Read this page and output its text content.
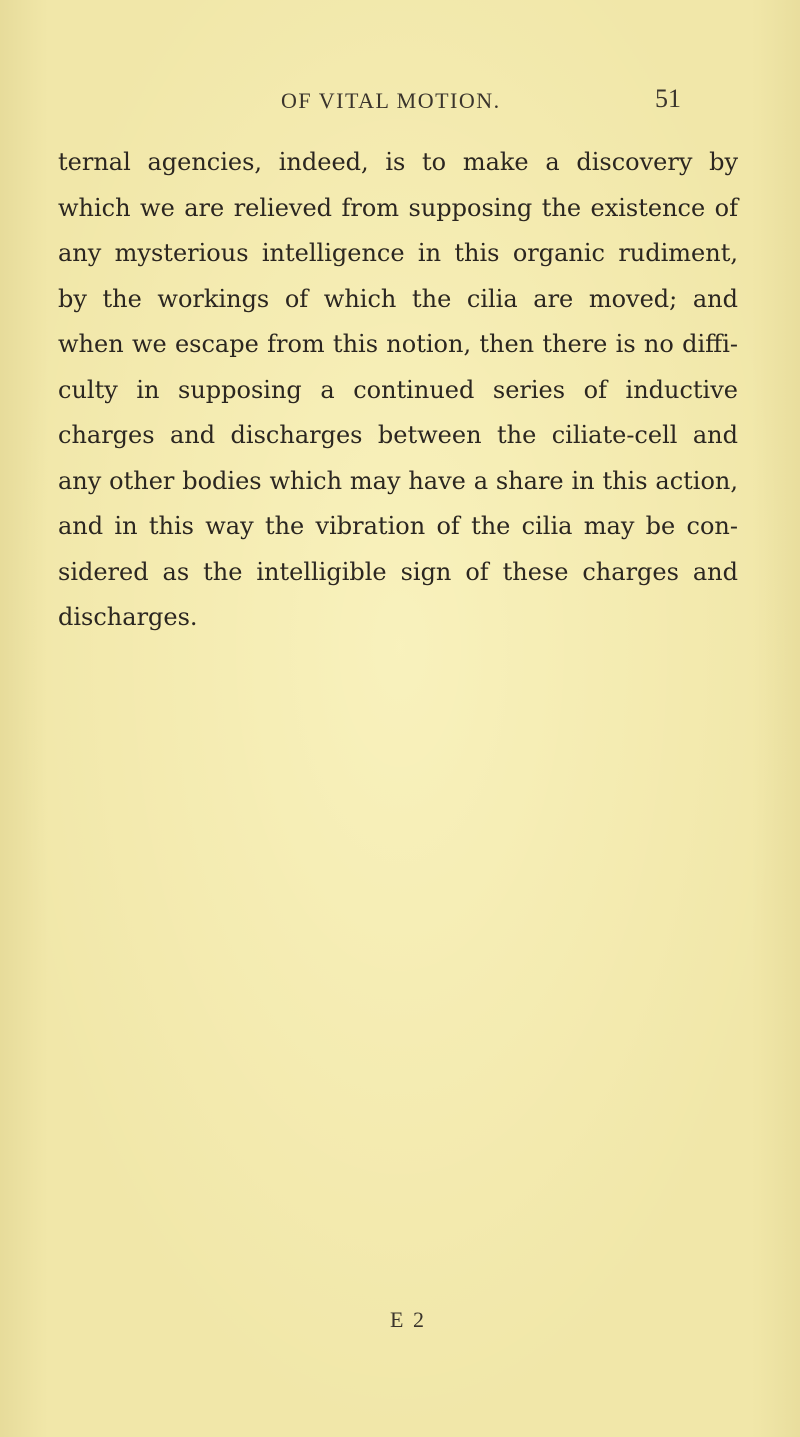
OF VITAL MOTION.	51
ternal agencies, indeed, is to make a discovery by
which we are relieved from supposing the existence of
any mysterious intelligence in this organic rudiment,
by the workings of which the cilia are moved; and
when we escape from this notion, then there is no diffi-
culty in supposing a continued series of inductive
charges and discharges between the ciliate-cell and
any other bodies which may have a share in this action,
and in this way the vibration of the cilia may be con-
sidered as the intelligible sign of these charges and
discharges.
E 2
